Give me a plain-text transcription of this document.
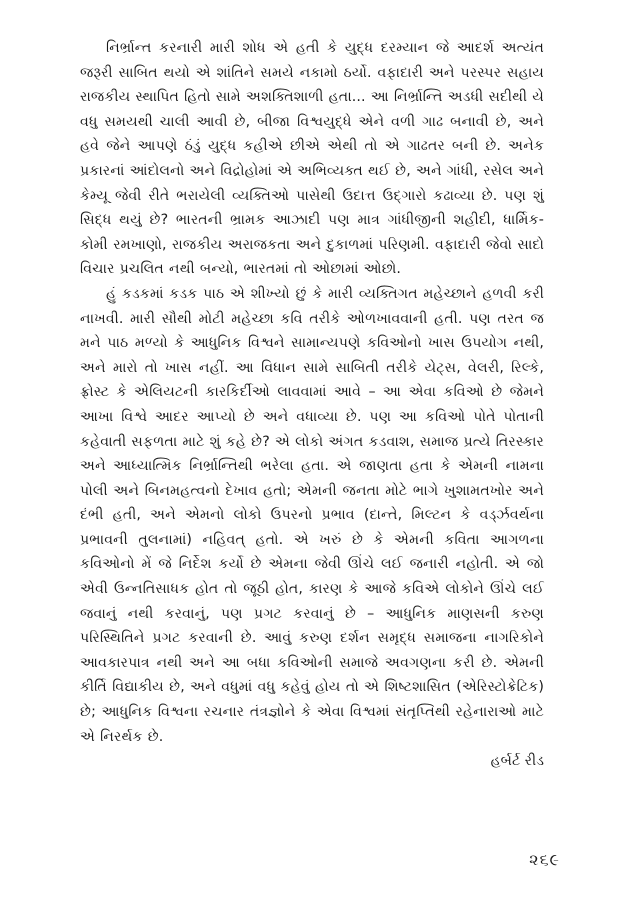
નિર્ભ્રાન્ત કરનારી મારી શોધ એ હતી કે યુદ્ધ દરમ્યાન જે આદર્શ અત્યંત જરૂરી સાબિત થયો એ શાંતિને સમયે નકામો ઠર્યો. વફાદારી અને પરસ્પર સહાય રાજકીય સ્થાપિત હિતો સામે અશક્તિશાળી હતા... આ નિર્ભ્રાન્તિ અડધી સદીથી યે વધુ સમયથી ચાલી આવી છે, બીજા વિશ્વયુદ્ધે એને વળી ગાઢ બનાવી છે, અને હવે જેને આપણે ઠંડું યુદ્ધ કહીએ છીએ એથી તો એ ગાઢતર બની છે. અનેક પ્રકારનાં આંદોલનો અને વિદ્રોહોમાં એ અભિવ્યક્ત થઈ છે, અને ગાંધી, રસેલ અને કેમ્યૂ જેવી રીતે ભરાયેલી વ્યક્તિઓ પાસેથી ઉદાત્ત ઉદ્ગારો કઢાવ્યા છે. પણ શું સિદ્ધ થયું છે? ભારતની ભ્રામક આઝાદી પણ માત્ર ગાંધીજીની શહીદી, ધાર્મિક-કોમી રમખાણો, રાજકીય અરાજકતા અને દુકાળમાં પરિણમી. વફાદારી જેવો સાદો વિચાર પ્રચલિત નથી બન્યો, ભારતમાં તો ઓછામાં ઓછો.

હું કડકમાં કડક પાઠ એ શીખ્યો છું કે મારી વ્યક્તિગત મહેચ્છાને હળવી કરી નાખવી. મારી સૌથી મોટી મહેચ્છા કવિ તરીકે ઓળખાવવાની હતી. પણ તરત જ મને પાઠ મળ્યો કે આધુનિક વિશ્વને સામાન્યપણે કવિઓનો ખાસ ઉપયોગ નથી, અને મારો તો ખાસ નહીં. આ વિધાન સામે સાબિતી તરીકે યેટ્સ, વેલરી, રિલ્કે, ફ્રોસ્ટ કે એલિયટની કારકિર્દીઓ લાવવામાં આવે – આ એવા કવિઓ છે જેમને આખા વિશ્વે આદર આપ્યો છે અને વધાવ્યા છે. પણ આ કવિઓ પોતે પોતાની કહેવાતી સફળતા માટે શું કહે છે? એ લોકો અંગત કડવાશ, સમાજ પ્રત્યે તિરસ્કાર અને આધ્યાત્મિક નિર્ભ્રાન્તિથી ભરેલા હતા. એ જાણતા હતા કે એમની નામના પોલી અને બિનમહત્વનો દેખાવ હતો; એમની જનતા મોટે ભાગે ખુશામતખોર અને દંભી હતી, અને એમનો લોકો ઉપરનો પ્રભાવ (દાન્તે, મિલ્ટન કે વર્ડ્ઝવર્થના પ્રભાવની તુલનામાં) નહિવત્ હતો. એ ખરું છે કે એમની કવિતા આગળના કવિઓનો મેં જે નિર્દેશ કર્યો છે એમના જેવી ઊંચે લઈ જનારી નહોતી. એ જો એવી ઉન્નતિસાધક હોત તો જૂઠી હોત, કારણ કે આજે કવિએ લોકોને ઊંચે લઈ જવાનું નથી કરવાનું, પણ પ્રગટ કરવાનું છે – આધુનિક માણસની કરુણ પરિસ્થિતિને પ્રગટ કરવાની છે. આવું કરુણ દર્શન સમૃદ્ધ સમાજના નાગરિકોને આવકારપાત્ર નથી અને આ બધા કવિઓની સમાજે અવગણના કરી છે. એમની કીર્તિ વિદ્યાકીય છે, અને વધુમાં વધુ કહેવું હોય તો એ શિષ્ટશાસિત (એરિસ્ટોક્રેટિક) છે; આધુનિક વિશ્વના રચનાર તંત્રજ્ઞોને કે એવા વિશ્વમાં સંતૃપ્તિથી રહેનારાઓ માટે એ નિરર્થક છે.

હર્બર્ટ રીડ

૨૬૯
